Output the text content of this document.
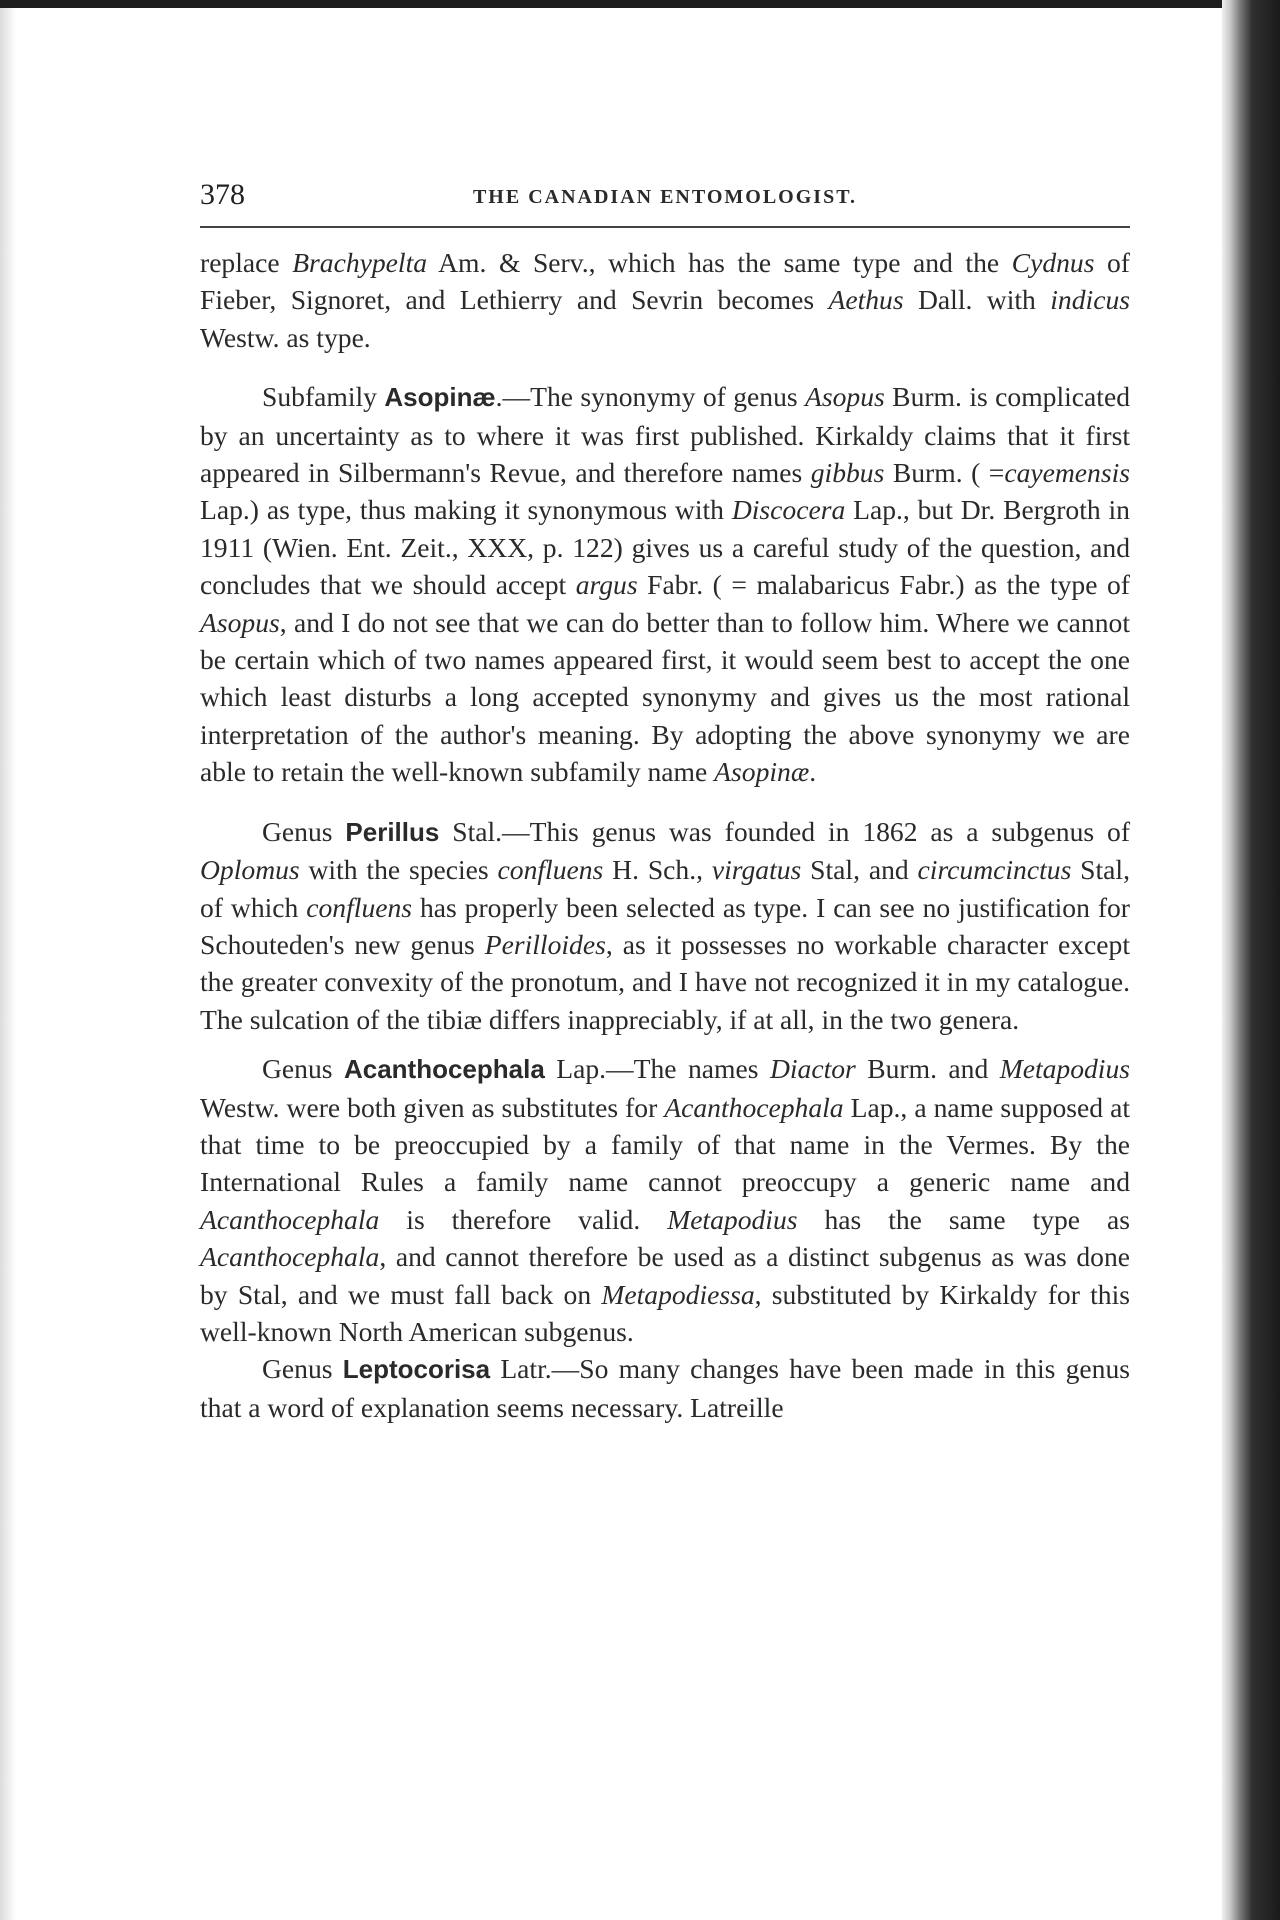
378	THE CANADIAN ENTOMOLOGIST.

replace Brachypelta Am. & Serv., which has the same type and the Cydnus of Fieber, Signoret, and Lethierry and Sevrin becomes Aethus Dall. with indicus Westw. as type.

Subfamily Asopinæ.—The synonymy of genus Asopus Burm. is complicated by an uncertainty as to where it was first published. Kirkaldy claims that it first appeared in Silbermann's Revue, and therefore names gibbus Burm. ( =cayemensis Lap.) as type, thus making it synonymous with Discocera Lap., but Dr. Bergroth in 1911 (Wien. Ent. Zeit., XXX, p. 122) gives us a careful study of the question, and concludes that we should accept argus Fabr. ( = malabaricus Fabr.) as the type of Asopus, and I do not see that we can do better than to follow him. Where we cannot be certain which of two names appeared first, it would seem best to accept the one which least disturbs a long accepted synonymy and gives us the most rational interpretation of the author's meaning. By adopting the above synonymy we are able to retain the well-known subfamily name Asopinæ.

Genus Perillus Stal.—This genus was founded in 1862 as a subgenus of Oplomus with the species confluens H. Sch., virgatus Stal, and circumcinctus Stal, of which confluens has properly been selected as type. I can see no justification for Schouteden's new genus Perilloides, as it possesses no workable character except the greater convexity of the pronotum, and I have not recognized it in my catalogue. The sulcation of the tibiæ differs inappreciably, if at all, in the two genera.

Genus Acanthocephala Lap.—The names Diactor Burm. and Metapodius Westw. were both given as substitutes for Acanthocephala Lap., a name supposed at that time to be preoccupied by a family of that name in the Vermes. By the International Rules a family name cannot preoccupy a generic name and Acanthocephala is therefore valid. Metapodius has the same type as Acanthocephala, and cannot therefore be used as a distinct subgenus as was done by Stal, and we must fall back on Metapodiessa, substituted by Kirkaldy for this well-known North American subgenus.

Genus Leptocorisa Latr.—So many changes have been made in this genus that a word of explanation seems necessary. Latreille
